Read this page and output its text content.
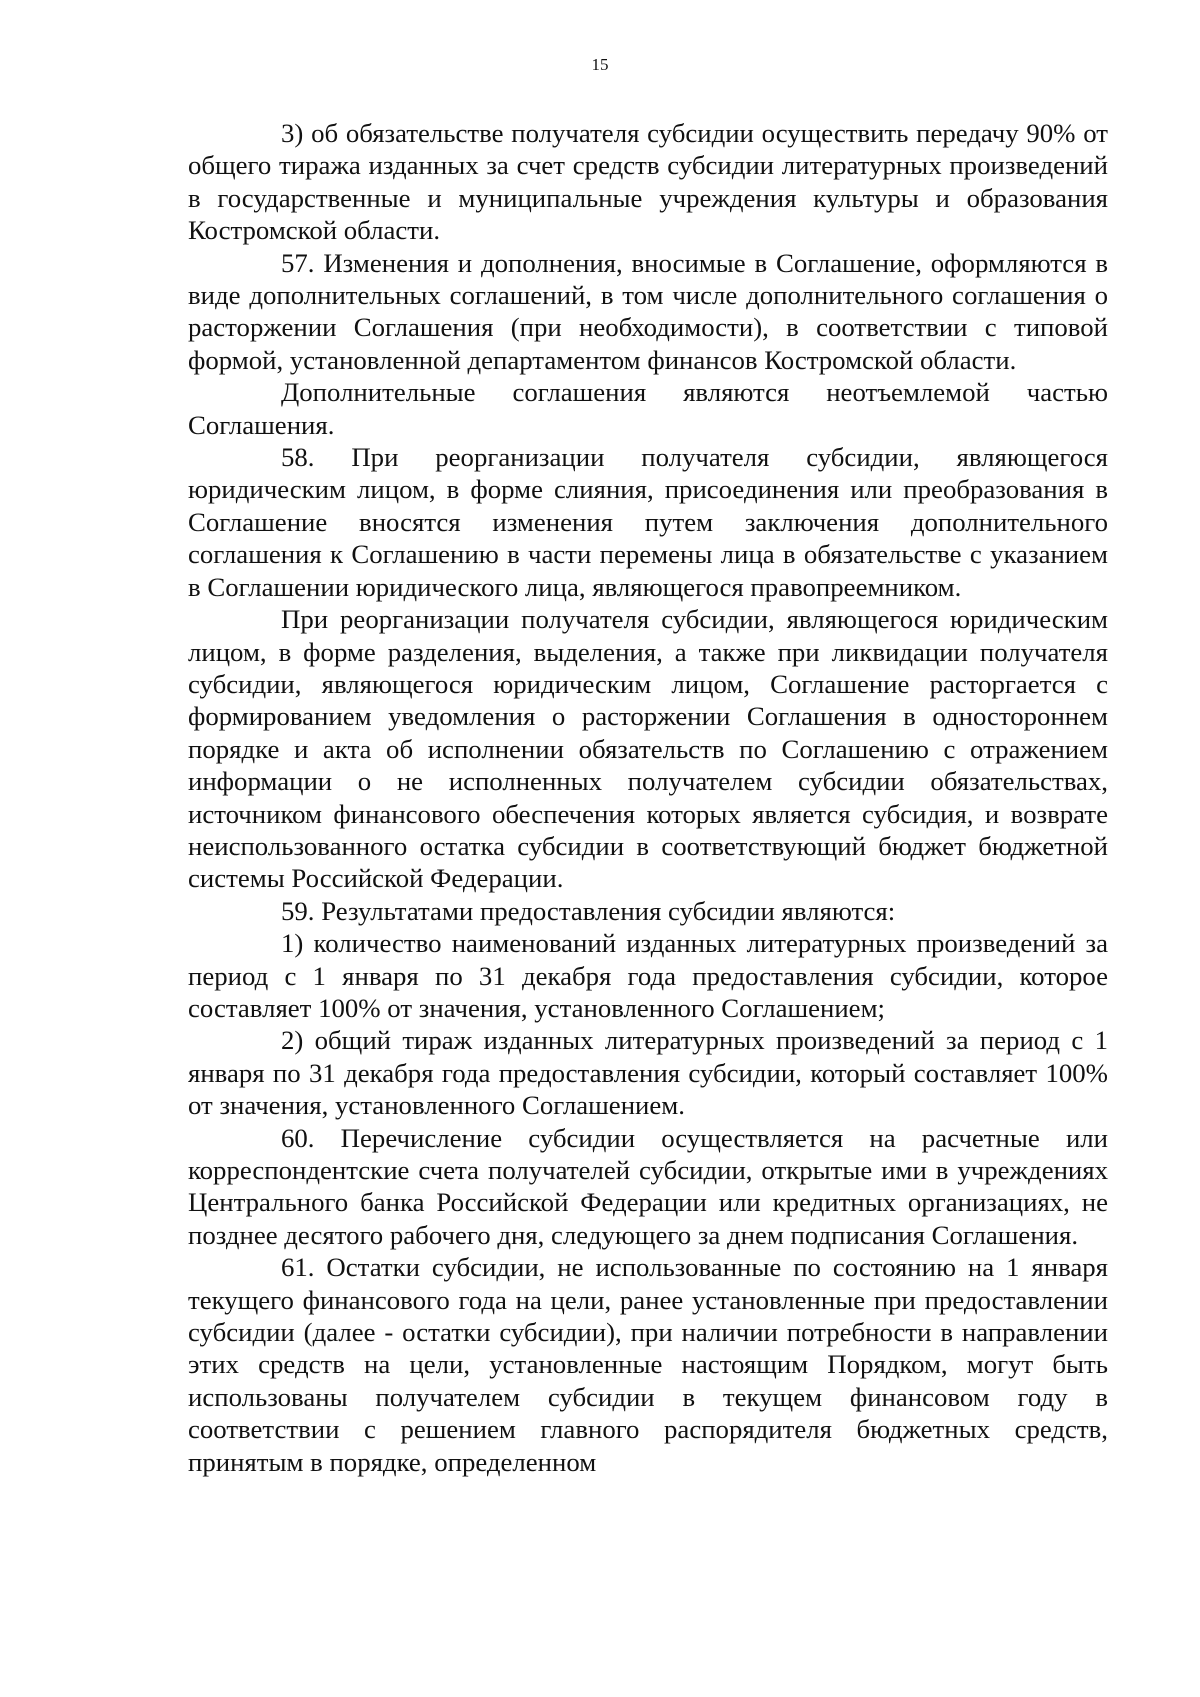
15

3) об обязательстве получателя субсидии осуществить передачу 90% от общего тиража изданных за счет средств субсидии литературных произведений в государственные и муниципальные учреждения культуры и образования Костромской области.

57. Изменения и дополнения, вносимые в Соглашение, оформляются в виде дополнительных соглашений, в том числе дополнительного соглашения о расторжении Соглашения (при необходимости), в соответствии с типовой формой, установленной департаментом финансов Костромской области.

Дополнительные соглашения являются неотъемлемой частью Соглашения.

58. При реорганизации получателя субсидии, являющегося юридическим лицом, в форме слияния, присоединения или преобразования в Соглашение вносятся изменения путем заключения дополнительного соглашения к Соглашению в части перемены лица в обязательстве с указанием в Соглашении юридического лица, являющегося правопреемником.

При реорганизации получателя субсидии, являющегося юридическим лицом, в форме разделения, выделения, а также при ликвидации получателя субсидии, являющегося юридическим лицом, Соглашение расторгается с формированием уведомления о расторжении Соглашения в одностороннем порядке и акта об исполнении обязательств по Соглашению с отражением информации о не исполненных получателем субсидии обязательствах, источником финансового обеспечения которых является субсидия, и возврате неиспользованного остатка субсидии в соответствующий бюджет бюджетной системы Российской Федерации.

59. Результатами предоставления субсидии являются:

1) количество наименований изданных литературных произведений за период с 1 января по 31 декабря года предоставления субсидии, которое составляет 100% от значения, установленного Соглашением;

2) общий тираж изданных литературных произведений за период с 1 января по 31 декабря года предоставления субсидии, который составляет 100% от значения, установленного Соглашением.

60. Перечисление субсидии осуществляется на расчетные или корреспондентские счета получателей субсидии, открытые ими в учреждениях Центрального банка Российской Федерации или кредитных организациях, не позднее десятого рабочего дня, следующего за днем подписания Соглашения.

61. Остатки субсидии, не использованные по состоянию на 1 января текущего финансового года на цели, ранее установленные при предоставлении субсидии (далее - остатки субсидии), при наличии потребности в направлении этих средств на цели, установленные настоящим Порядком, могут быть использованы получателем субсидии в текущем финансовом году в соответствии с решением главного распорядителя бюджетных средств, принятым в порядке, определенном
